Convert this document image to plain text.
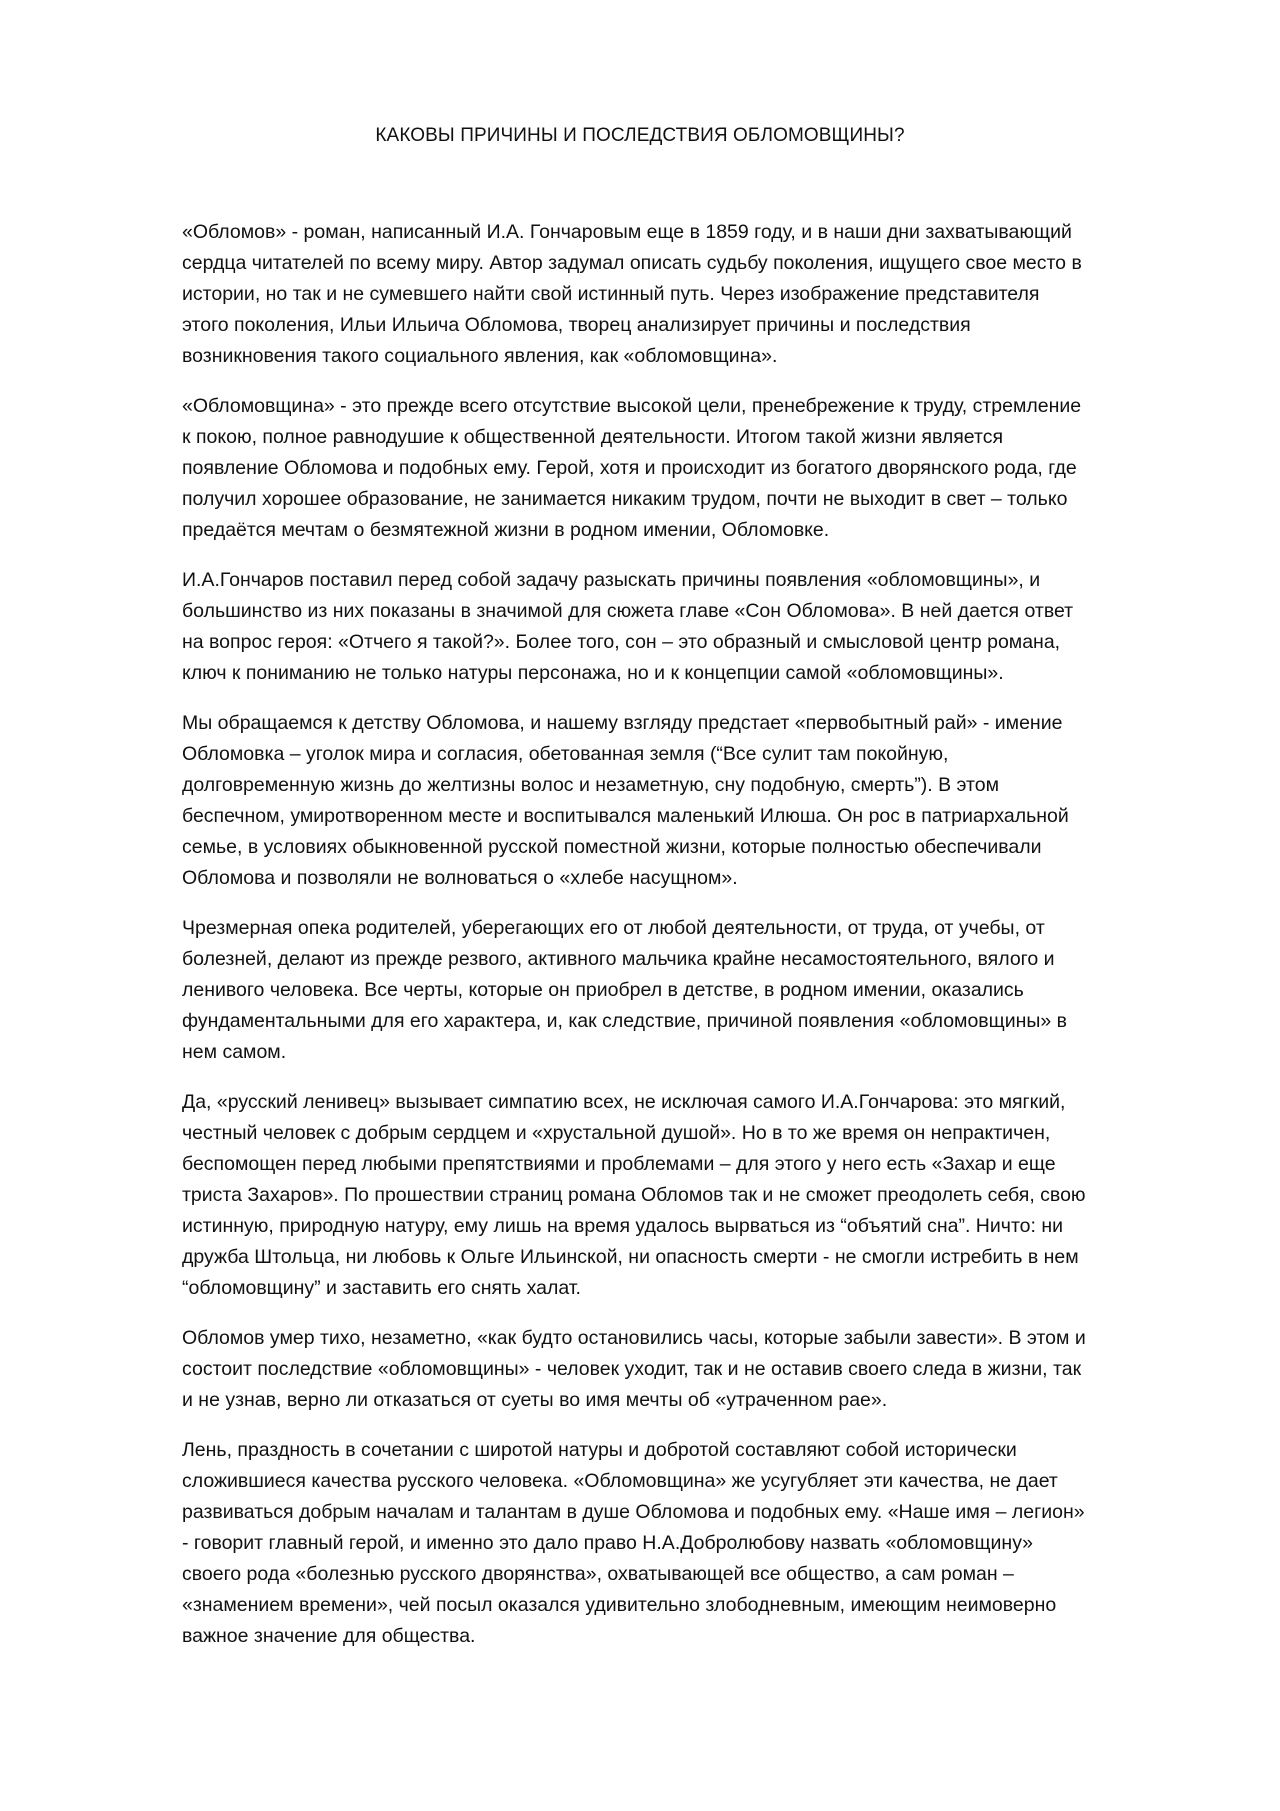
КАКОВЫ ПРИЧИНЫ И ПОСЛЕДСТВИЯ ОБЛОМОВЩИНЫ?

«Обломов» - роман, написанный И.А. Гончаровым еще в 1859 году, и в наши дни захватывающий
сердца читателей по всему миру. Автор задумал описать судьбу поколения, ищущего свое место в
истории, но так и не сумевшего найти свой истинный путь. Через изображение представителя
этого поколения, Ильи Ильича Обломова, творец анализирует причины и последствия
возникновения такого социального явления, как «обломовщина».

«Обломовщина» - это прежде всего отсутствие высокой цели, пренебрежение к труду, стремление
к покою, полное равнодушие к общественной деятельности. Итогом такой жизни является
появление Обломова и подобных ему. Герой, хотя и происходит из богатого дворянского рода, где
получил хорошее образование, не занимается никаким трудом, почти не выходит в свет – только
предаётся мечтам о безмятежной жизни в родном имении, Обломовке.

И.А.Гончаров поставил перед собой задачу разыскать причины появления «обломовщины», и
большинство из них показаны в значимой для сюжета главе «Сон Обломова». В ней дается ответ
на вопрос героя: «Отчего я такой?». Более того, сон – это образный и смысловой центр романа,
ключ к пониманию не только натуры персонажа, но и к концепции самой «обломовщины».

Мы обращаемся к детству Обломова, и нашему взгляду предстает «первобытный рай» - имение
Обломовка – уголок мира и согласия, обетованная земля (“Все сулит там покойную,
долговременную жизнь до желтизны волос и незаметную, сну подобную, смерть”). В этом
беспечном, умиротворенном месте и воспитывался маленький Илюша. Он рос в патриархальной
семье, в условиях обыкновенной русской поместной жизни, которые полностью обеспечивали
Обломова и позволяли не волноваться о «хлебе насущном».

Чрезмерная опека родителей, уберегающих его от любой деятельности, от труда, от учебы, от
болезней, делают из прежде резвого, активного мальчика крайне несамостоятельного, вялого и
ленивого человека. Все черты, которые он приобрел в детстве, в родном имении, оказались
фундаментальными для его характера, и, как следствие, причиной появления «обломовщины» в
нем самом.

Да, «русский ленивец» вызывает симпатию всех, не исключая самого И.А.Гончарова: это мягкий,
честный человек с добрым сердцем и «хрустальной душой». Но в то же время он непрактичен,
беспомощен перед любыми препятствиями и проблемами – для этого у него есть «Захар и еще
триста Захаров». По прошествии страниц романа Обломов так и не сможет преодолеть себя, свою
истинную, природную натуру, ему лишь на время удалось вырваться из “объятий сна”. Ничто: ни
дружба Штольца, ни любовь к Ольге Ильинской, ни опасность смерти - не смогли истребить в нем
“обломовщину” и заставить его снять халат.

Обломов умер тихо, незаметно, «как будто остановились часы, которые забыли завести». В этом и
состоит последствие «обломовщины» - человек уходит, так и не оставив своего следа в жизни, так
и не узнав, верно ли отказаться от суеты во имя мечты об «утраченном рае».

Лень, праздность в сочетании с широтой натуры и добротой составляют собой исторически
сложившиеся качества русского человека. «Обломовщина» же усугубляет эти качества, не дает
развиваться добрым началам и талантам в душе Обломова и подобных ему. «Наше имя – легион»
- говорит главный герой, и именно это дало право Н.А.Добролюбову назвать «обломовщину»
своего рода «болезнью русского дворянства», охватывающей все общество, а сам роман –
«знамением времени», чей посыл оказался удивительно злободневным, имеющим неимоверно
важное значение для общества.
